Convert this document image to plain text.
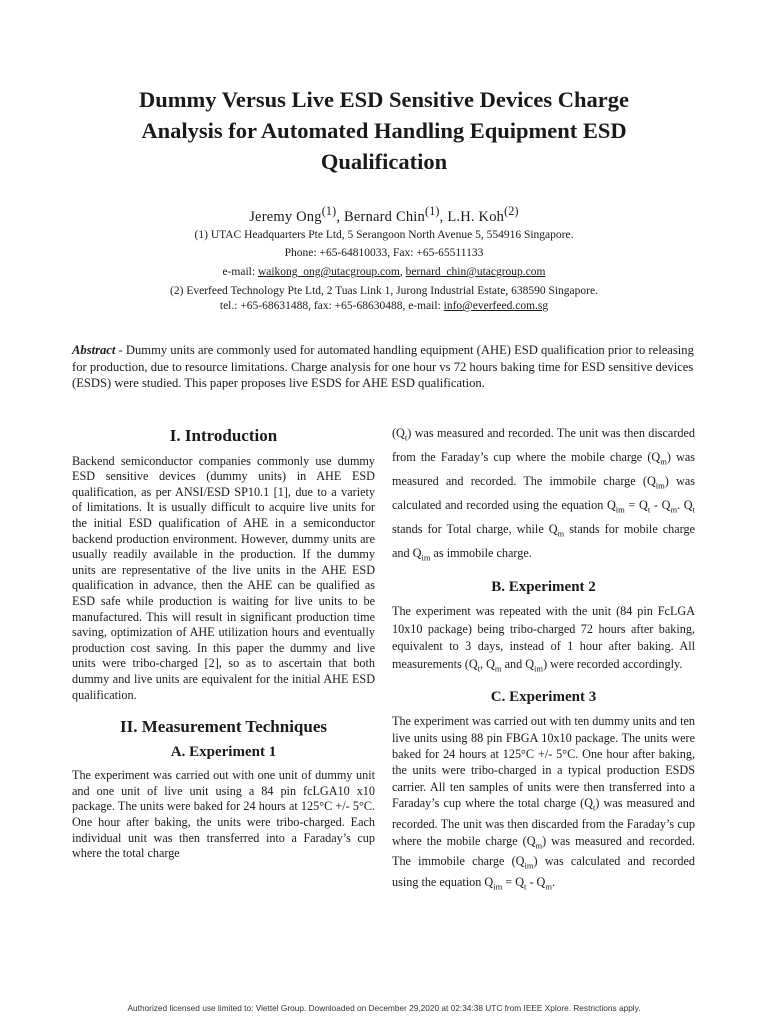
Dummy Versus Live ESD Sensitive Devices Charge
Analysis for Automated Handling Equipment ESD
Qualification
Jeremy Ong$^{(1)}$, Bernard Chin$^{(1)}$, L.H. Koh$^{(2)}$
(1) UTAC Headquarters Pte Ltd, 5 Serangoon North Avenue 5, 554916 Singapore.
Phone: +65-64810033, Fax: +65-65511133
e-mail: waikong_ong@utacgroup.com, bernard_chin@utacgroup.com
(2) Everfeed Technology Pte Ltd, 2 Tuas Link 1, Jurong Industrial Estate, 638590 Singapore.
tel.: +65-68631488, fax: +65-68630488, e-mail: info@everfeed.com.sg

Abstract - Dummy units are commonly used for automated handling equipment (AHE) ESD qualification prior to releasing for production, due to resource limitations. Charge analysis for one hour vs 72 hours baking time for ESD sensitive devices (ESDS) were studied. This paper proposes live ESDS for AHE ESD qualification.

I. Introduction

Backend semiconductor companies commonly use dummy ESD sensitive devices (dummy units) in AHE ESD qualification, as per ANSI/ESD SP10.1 [1], due to a variety of limitations. It is usually difficult to acquire live units for the initial ESD qualification of AHE in a semiconductor backend production environment. However, dummy units are usually readily available in the production. If the dummy units are representative of the live units in the AHE ESD qualification in advance, then the AHE can be qualified as ESD safe while production is waiting for live units to be manufactured. This will result in significant production time saving, optimization of AHE utilization hours and eventually production cost saving. In this paper the dummy and live units were tribo-charged [2], so as to ascertain that both dummy and live units are equivalent for the initial AHE ESD qualification.

II. Measurement Techniques
A. Experiment 1

The experiment was carried out with one unit of dummy unit and one unit of live unit using a 84 pin fcLGA10 x10 package. The units were baked for 24 hours at 125°C +/- 5°C. One hour after baking, the units were tribo-charged. Each individual unit was then transferred into a Faraday’s cup where the total charge

$(Q_t)$ was measured and recorded. The unit was then discarded from the Faraday’s cup where the mobile charge $(Q_m)$ was measured and recorded. The immobile charge $(Q_{im})$ was calculated and recorded using the equation $Q_{im} = Q_t - Q_m$. $Q_t$ stands for Total charge, while $Q_m$ stands for mobile charge and $Q_{im}$ as immobile charge.

B. Experiment 2

The experiment was repeated with the unit (84 pin FcLGA 10x10 package) being tribo-charged 72 hours after baking, equivalent to 3 days, instead of 1 hour after baking. All measurements ($Q_t$, $Q_m$ and $Q_{im}$) were recorded accordingly.

C. Experiment 3

The experiment was carried out with ten dummy units and ten live units using 88 pin FBGA 10x10 package. The units were baked for 24 hours at 125°C +/- 5°C. One hour after baking, the units were tribo-charged in a typical production ESDS carrier. All ten samples of units were then transferred into a Faraday’s cup where the total charge $(Q_t)$ was measured and recorded. The unit was then discarded from the Faraday’s cup where the mobile charge $(Q_m)$ was measured and recorded. The immobile charge $(Q_{im})$ was calculated and recorded using the equation $Q_{im} = Q_t - Q_m$.

Authorized licensed use limited to: Viettel Group. Downloaded on December 29,2020 at 02:34:38 UTC from IEEE Xplore. Restrictions apply.
